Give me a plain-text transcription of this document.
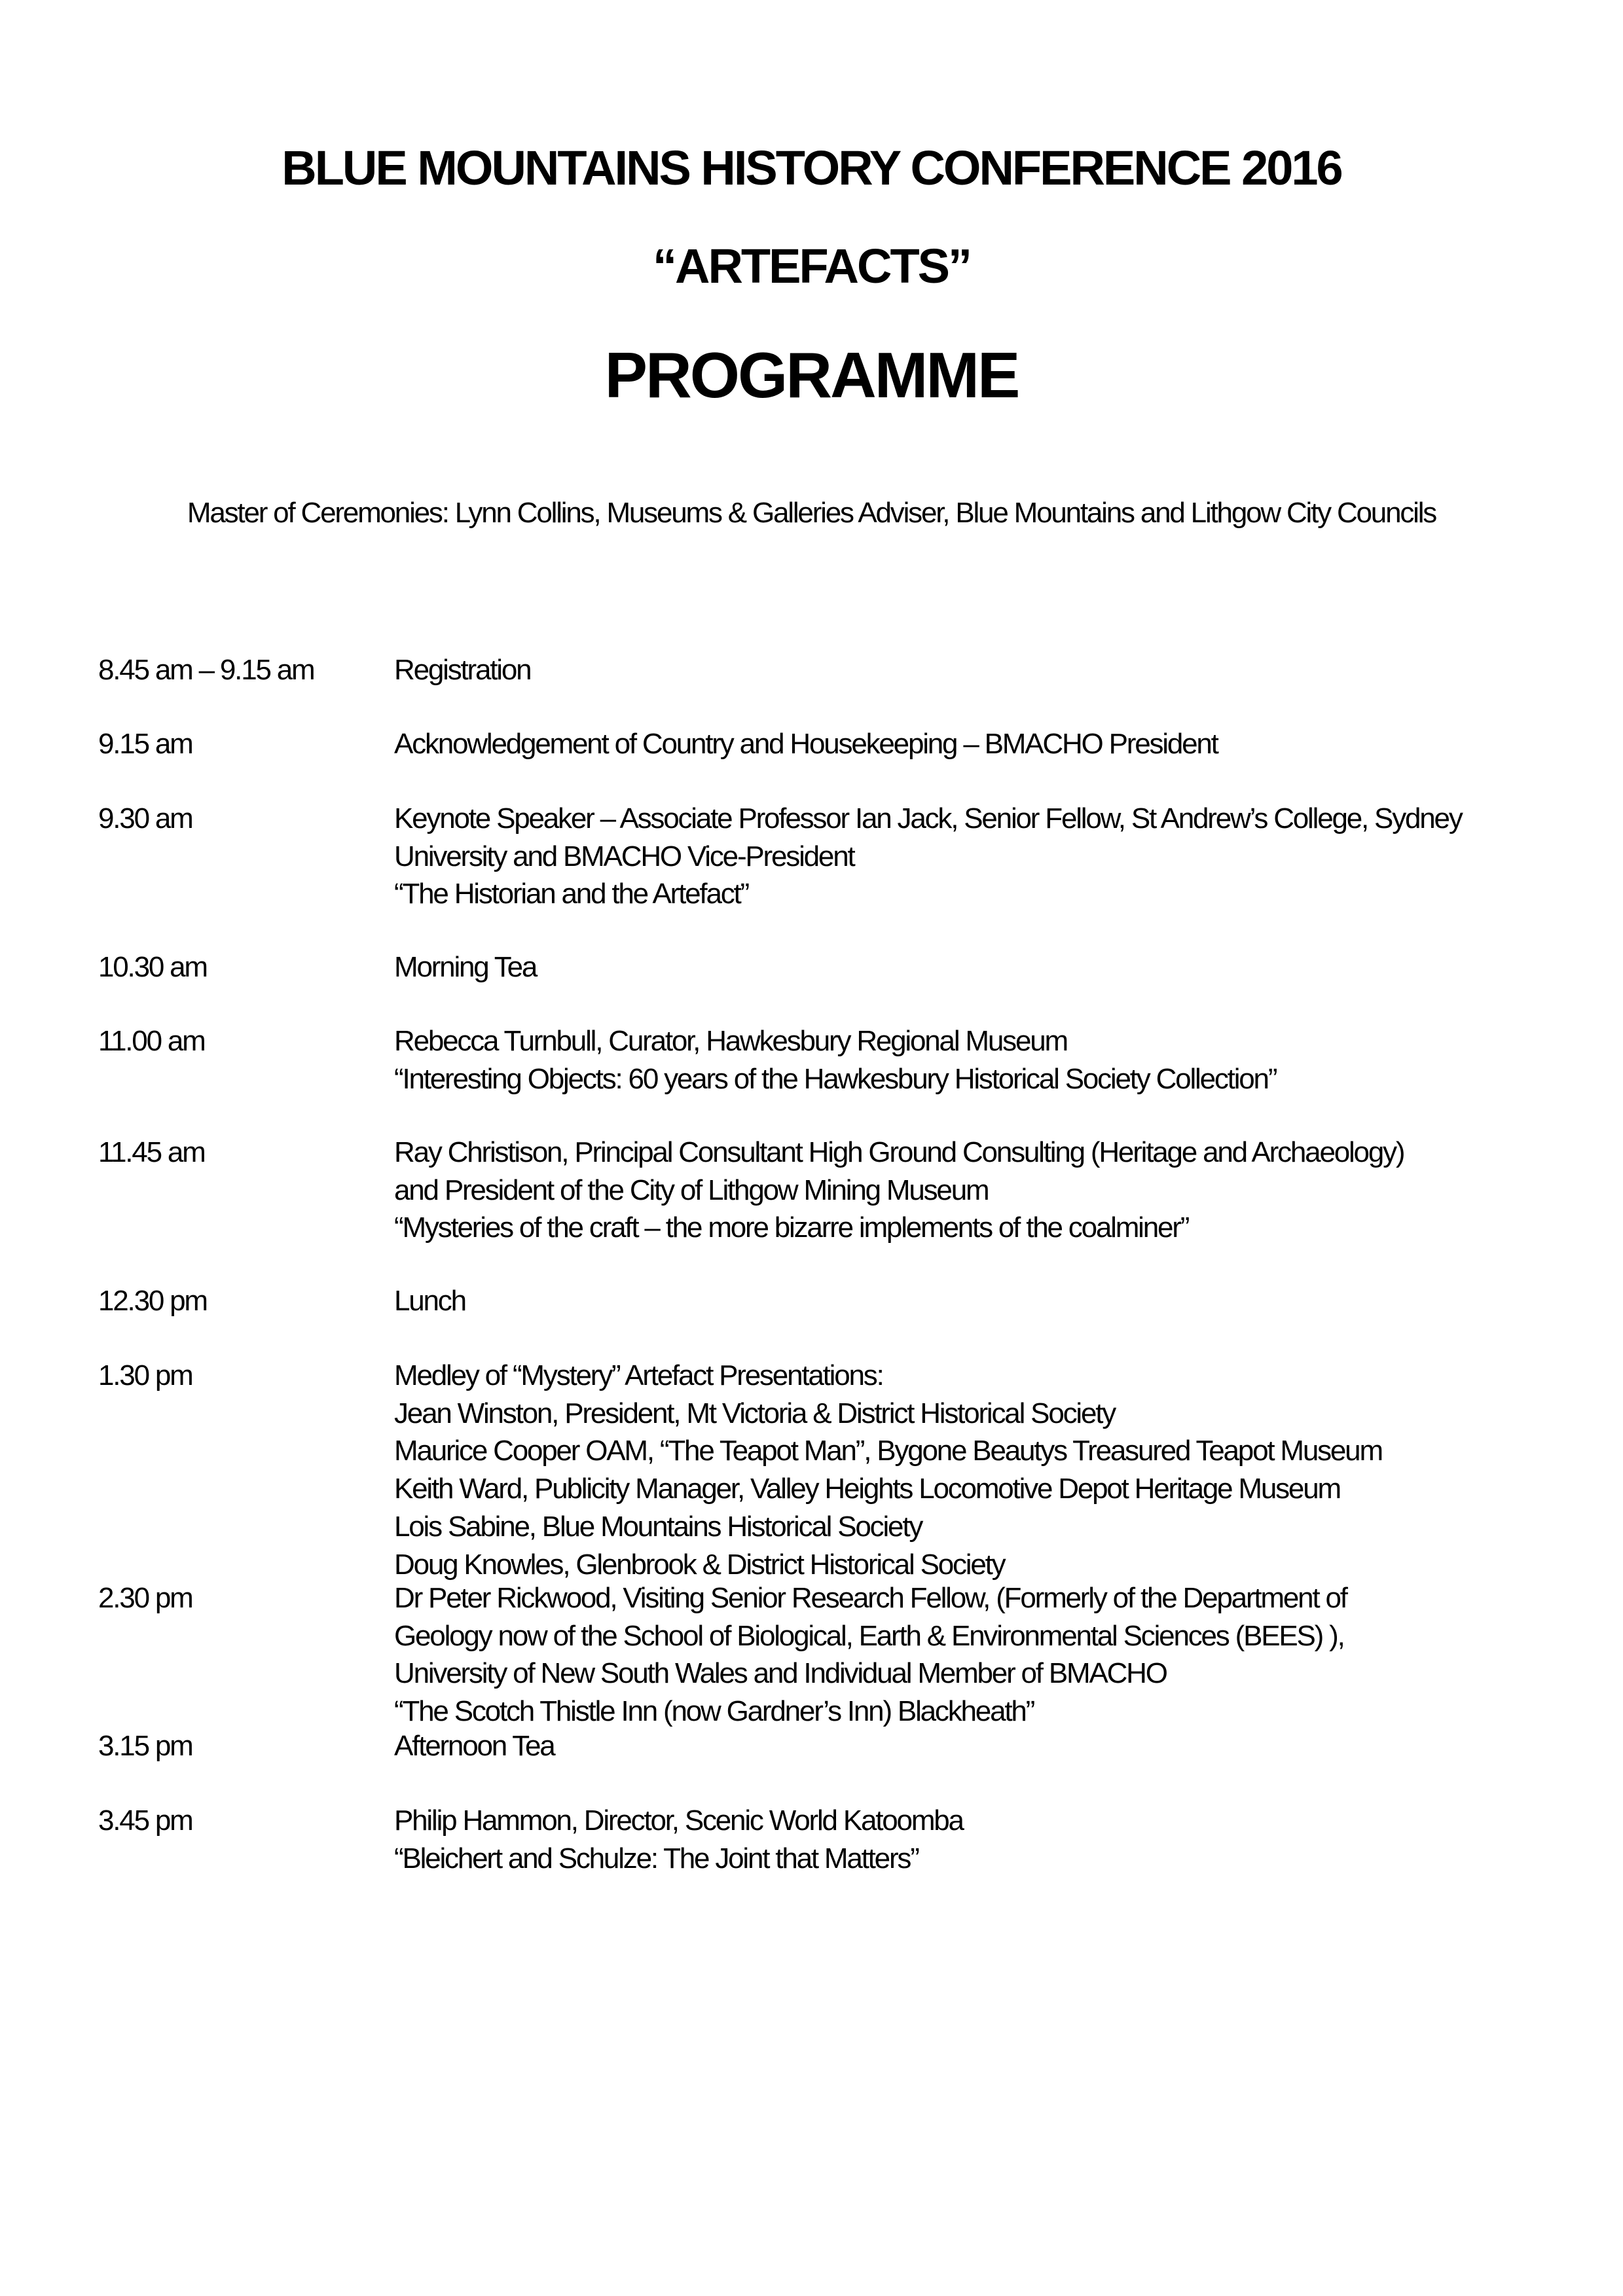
BLUE MOUNTAINS HISTORY CONFERENCE 2016
“ARTEFACTS”
PROGRAMME
Master of Ceremonies: Lynn Collins, Museums & Galleries Adviser, Blue Mountains and Lithgow City Councils
8.45 am – 9.15 am	Registration
9.15 am	Acknowledgement of Country and Housekeeping – BMACHO President
9.30 am	Keynote Speaker – Associate Professor Ian Jack, Senior Fellow, St Andrew’s College, Sydney
University and BMACHO Vice-President
“The Historian and the Artefact”
10.30 am	Morning Tea
11.00 am	Rebecca Turnbull, Curator, Hawkesbury Regional Museum
“Interesting Objects: 60 years of the Hawkesbury Historical Society Collection”
11.45 am	Ray Christison, Principal Consultant High Ground Consulting (Heritage and Archaeology)
and President of the City of Lithgow Mining Museum
“Mysteries of the craft – the more bizarre implements of the coalminer”
12.30 pm	Lunch
1.30 pm	Medley of “Mystery” Artefact Presentations:
Jean Winston, President, Mt Victoria & District Historical Society
Maurice Cooper OAM, “The Teapot Man”, Bygone Beautys Treasured Teapot Museum
Keith Ward, Publicity Manager, Valley Heights Locomotive Depot Heritage Museum
Lois Sabine, Blue Mountains Historical Society
Doug Knowles, Glenbrook & District Historical Society
2.30 pm	Dr Peter Rickwood, Visiting Senior Research Fellow, (Formerly of the Department of
Geology now of the School of Biological, Earth & Environmental Sciences (BEES) ),
University of New South Wales and Individual Member of BMACHO
“The Scotch Thistle Inn (now Gardner’s Inn) Blackheath”
3.15 pm	Afternoon Tea
3.45 pm	Philip Hammon, Director, Scenic World Katoomba
“Bleichert and Schulze: The Joint that Matters”
